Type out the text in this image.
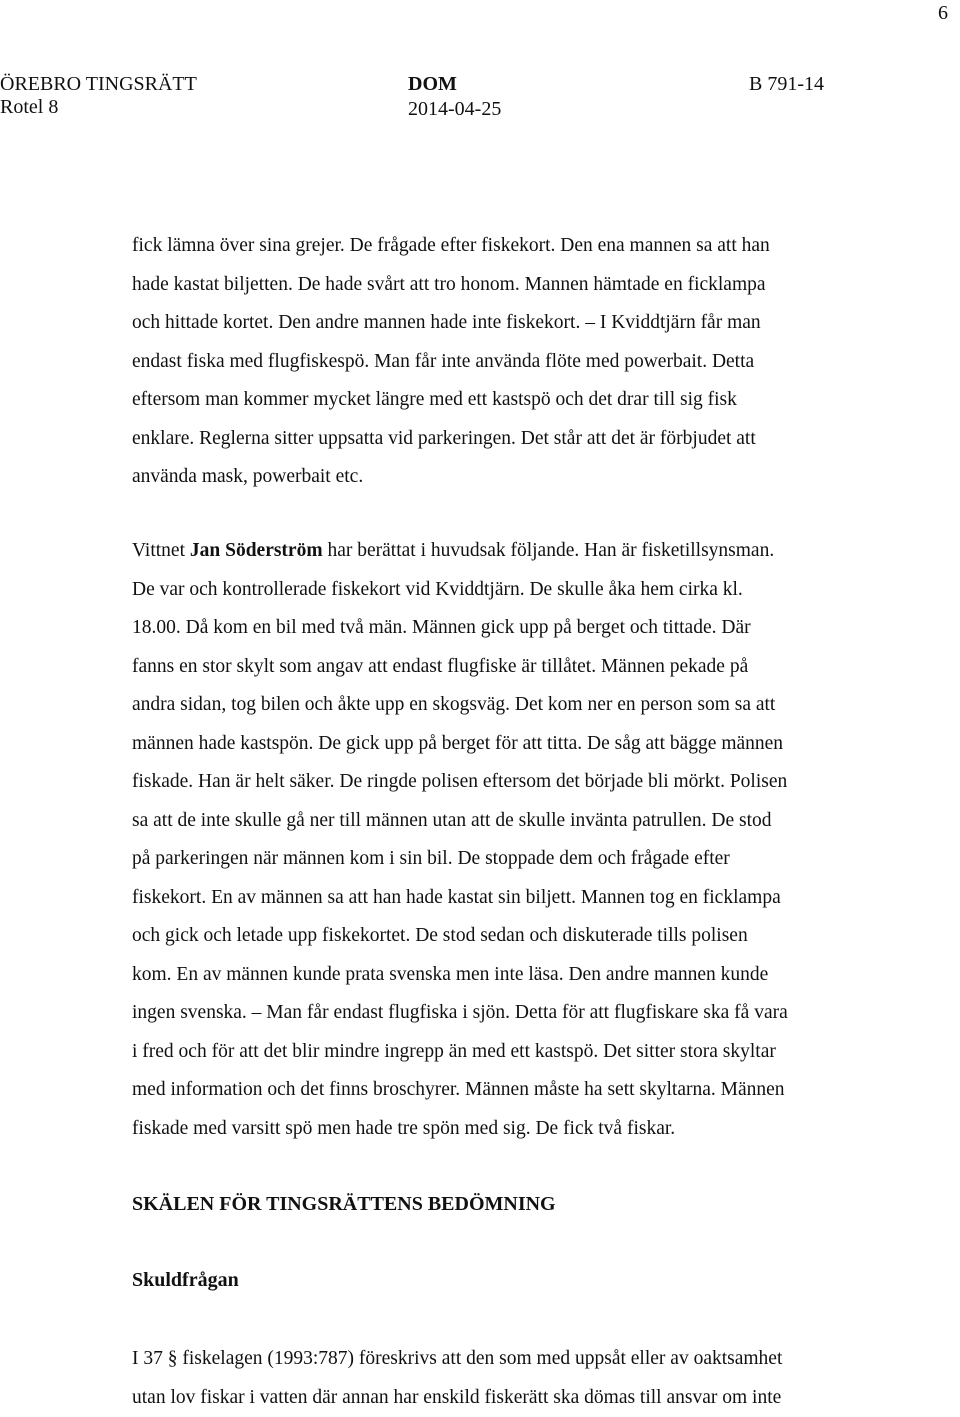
6
ÖREBRO TINGSRÄTT
Rotel 8
DOM
2014-04-25
B 791-14
fick lämna över sina grejer. De frågade efter fiskekort. Den ena mannen sa att han
hade kastat biljetten. De hade svårt att tro honom. Mannen hämtade en ficklampa
och hittade kortet. Den andre mannen hade inte fiskekort. – I Kviddtjärn får man
endast fiska med flugfiskespö. Man får inte använda flöte med powerbait. Detta
eftersom man kommer mycket längre med ett kastspö och det drar till sig fisk
enklare. Reglerna sitter uppsatta vid parkeringen. Det står att det är förbjudet att
använda mask, powerbait etc.
Vittnet Jan Söderström har berättat i huvudsak följande. Han är fisketillsynsman.
De var och kontrollerade fiskekort vid Kviddtjärn. De skulle åka hem cirka kl.
18.00. Då kom en bil med två män. Männen gick upp på berget och tittade. Där
fanns en stor skylt som angav att endast flugfiske är tillåtet. Männen pekade på
andra sidan, tog bilen och åkte upp en skogsväg. Det kom ner en person som sa att
männen hade kastspön. De gick upp på berget för att titta. De såg att bägge männen
fiskade. Han är helt säker. De ringde polisen eftersom det började bli mörkt. Polisen
sa att de inte skulle gå ner till männen utan att de skulle invänta patrullen. De stod
på parkeringen när männen kom i sin bil. De stoppade dem och frågade efter
fiskekort. En av männen sa att han hade kastat sin biljett. Mannen tog en ficklampa
och gick och letade upp fiskekortet. De stod sedan och diskuterade tills polisen
kom. En av männen kunde prata svenska men inte läsa. Den andre mannen kunde
ingen svenska. – Man får endast flugfiska i sjön. Detta för att flugfiskare ska få vara
i fred och för att det blir mindre ingrepp än med ett kastspö. Det sitter stora skyltar
med information och det finns broschyrer. Männen måste ha sett skyltarna. Männen
fiskade med varsitt spö men hade tre spön med sig. De fick två fiskar.
SKÄLEN FÖR TINGSRÄTTENS BEDÖMNING
Skuldfrågan
I 37 § fiskelagen (1993:787) föreskrivs att den som med uppsåt eller av oaktsamhet
utan lov fiskar i vatten där annan har enskild fiskerätt ska dömas till ansvar om inte
